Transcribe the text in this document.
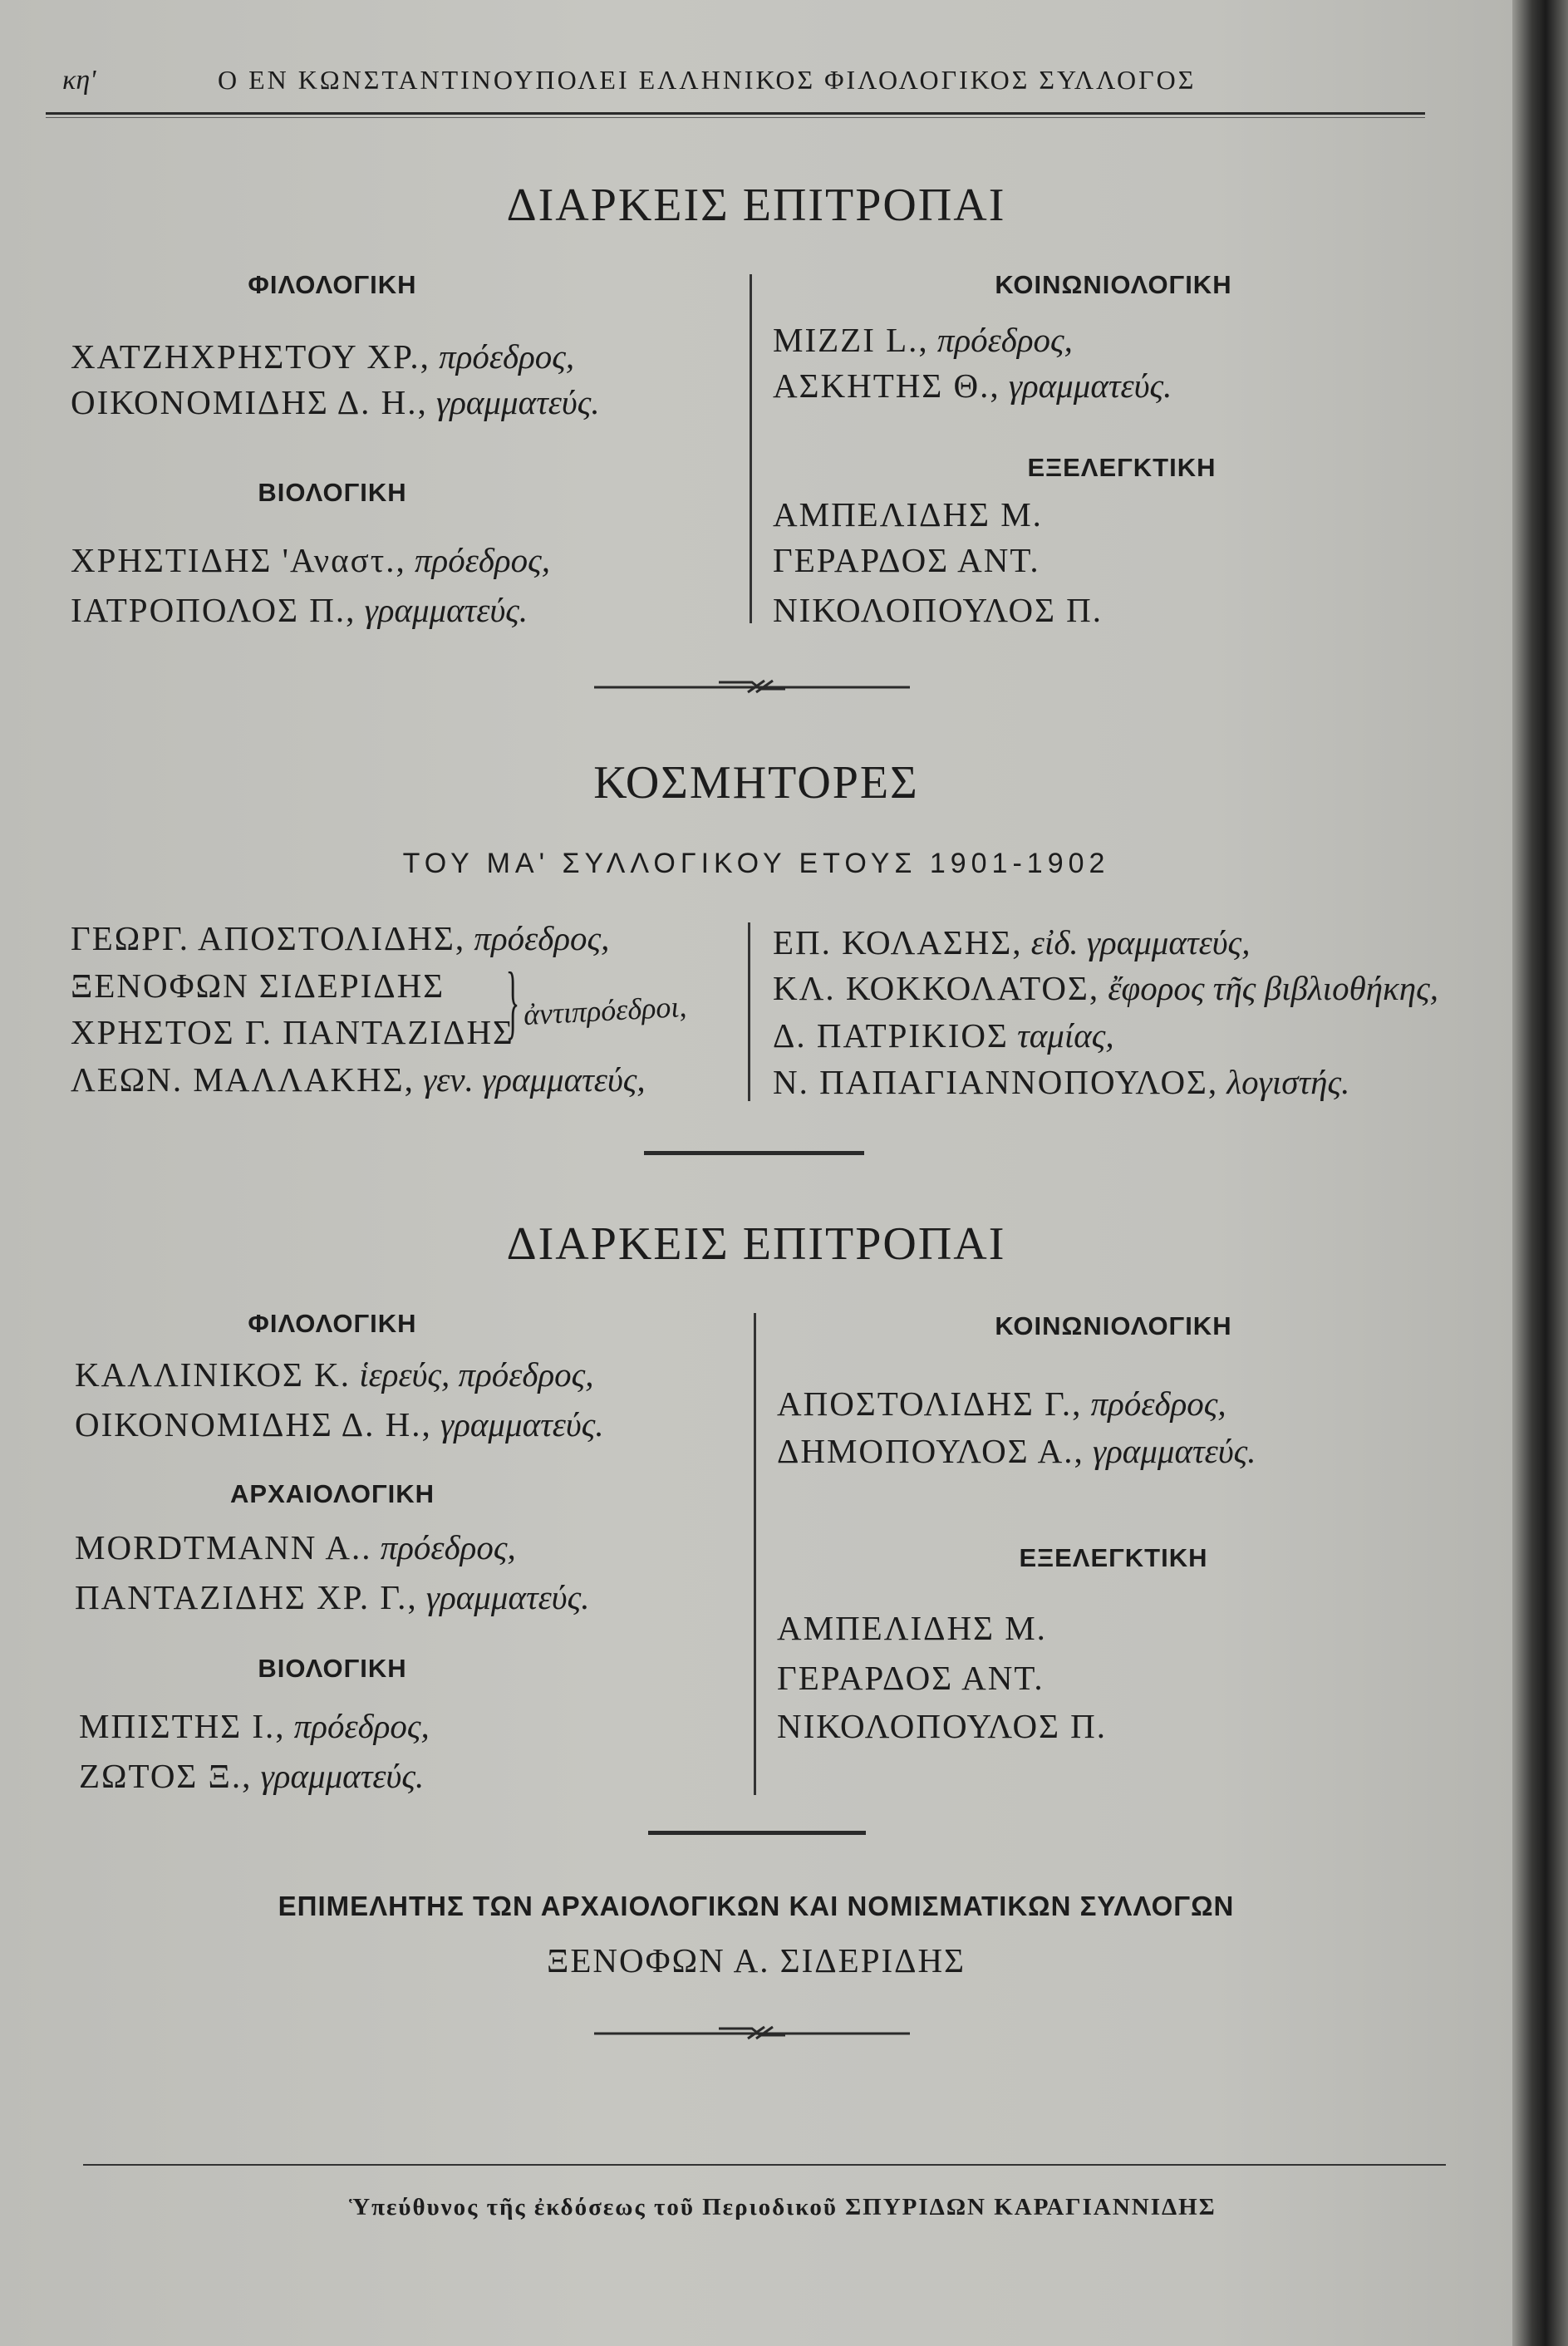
κη'	Ο ΕΝ ΚΩΝΣΤΑΝΤΙΝΟΥΠΟΛΕΙ ΕΛΛΗΝΙΚΟΣ ΦΙΛΟΛΟΓΙΚΟΣ ΣΥΛΛΟΓΟΣ
ΔΙΑΡΚΕΙΣ ΕΠΙΤΡΟΠΑΙ
ΦΙΛΟΛΟΓΙΚΗ
ΧΑΤΖΗΧΡΗΣΤΟΥ ΧΡ., πρόεδρος,
ΟΙΚΟΝΟΜΙΔΗΣ Δ. Η., γραμματεύς.
ΒΙΟΛΟΓΙΚΗ
ΧΡΗΣΤΙΔΗΣ 'Αναστ., πρόεδρος,
ΙΑΤΡΟΠΟΛΟΣ Π., γραμματεύς.
ΚΟΙΝΩΝΙΟΛΟΓΙΚΗ
ΜΙΖΖΙ L., πρόεδρος,
ΑΣΚΗΤΗΣ Θ., γραμματεύς.
ΕΞΕΛΕΓΚΤΙΚΗ
ΑΜΠΕΛΙΔΗΣ Μ.
ΓΕΡΑΡΔΟΣ ΑΝΤ.
ΝΙΚΟΛΟΠΟΥΛΟΣ Π.
ΚΟΣΜΗΤΟΡΕΣ
ΤΟΥ ΜΑ' ΣΥΛΛΟΓΙΚΟΥ ΕΤΟΥΣ 1901-1902
ΓΕΩΡΓ. ΑΠΟΣΤΟΛΙΔΗΣ, πρόεδρος,
ΞΕΝΟΦΩΝ ΣΙΔΕΡΙΔΗΣ
ΧΡΗΣΤΟΣ Γ. ΠΑΝΤΑΖΙΔΗΣ
} ἀντιπρόεδροι,
ΛΕΩΝ. ΜΑΛΛΑΚΗΣ, γεν. γραμματεύς,
ΕΠ. ΚΟΛΑΣΗΣ, εἰδ. γραμματεύς,
ΚΛ. ΚΟΚΚΟΛΑΤΟΣ, ἔφορος τῆς βιβλιοθήκης,
Δ. ΠΑΤΡΙΚΙΟΣ ταμίας,
Ν. ΠΑΠΑΓΙΑΝΝΟΠΟΥΛΟΣ, λογιστής.
ΔΙΑΡΚΕΙΣ ΕΠΙΤΡΟΠΑΙ
ΦΙΛΟΛΟΓΙΚΗ
ΚΑΛΛΙΝΙΚΟΣ Κ. ἱερεύς, πρόεδρος,
ΟΙΚΟΝΟΜΙΔΗΣ Δ. Η., γραμματεύς.
ΑΡΧΑΙΟΛΟΓΙΚΗ
MORDTMANN A.. πρόεδρος,
ΠΑΝΤΑΖΙΔΗΣ ΧΡ. Γ., γραμματεύς.
ΒΙΟΛΟΓΙΚΗ
ΜΠΙΣΤΗΣ Ι., πρόεδρος,
ΖΩΤΟΣ Ξ., γραμματεύς.
ΚΟΙΝΩΝΙΟΛΟΓΙΚΗ
ΑΠΟΣΤΟΛΙΔΗΣ Γ., πρόεδρος,
ΔΗΜΟΠΟΥΛΟΣ Α., γραμματεύς.
ΕΞΕΛΕΓΚΤΙΚΗ
ΑΜΠΕΛΙΔΗΣ Μ.
ΓΕΡΑΡΔΟΣ ΑΝΤ.
ΝΙΚΟΛΟΠΟΥΛΟΣ Π.
ΕΠΙΜΕΛΗΤΗΣ ΤΩΝ ΑΡΧΑΙΟΛΟΓΙΚΩΝ ΚΑΙ ΝΟΜΙΣΜΑΤΙΚΩΝ ΣΥΛΛΟΓΩΝ
ΞΕΝΟΦΩΝ Α. ΣΙΔΕΡΙΔΗΣ
Ὑπεύθυνος τῆς ἐκδόσεως τοῦ Περιοδικοῦ ΣΠΥΡΙΔΩΝ ΚΑΡΑΓΙΑΝΝΙΔΗΣ
